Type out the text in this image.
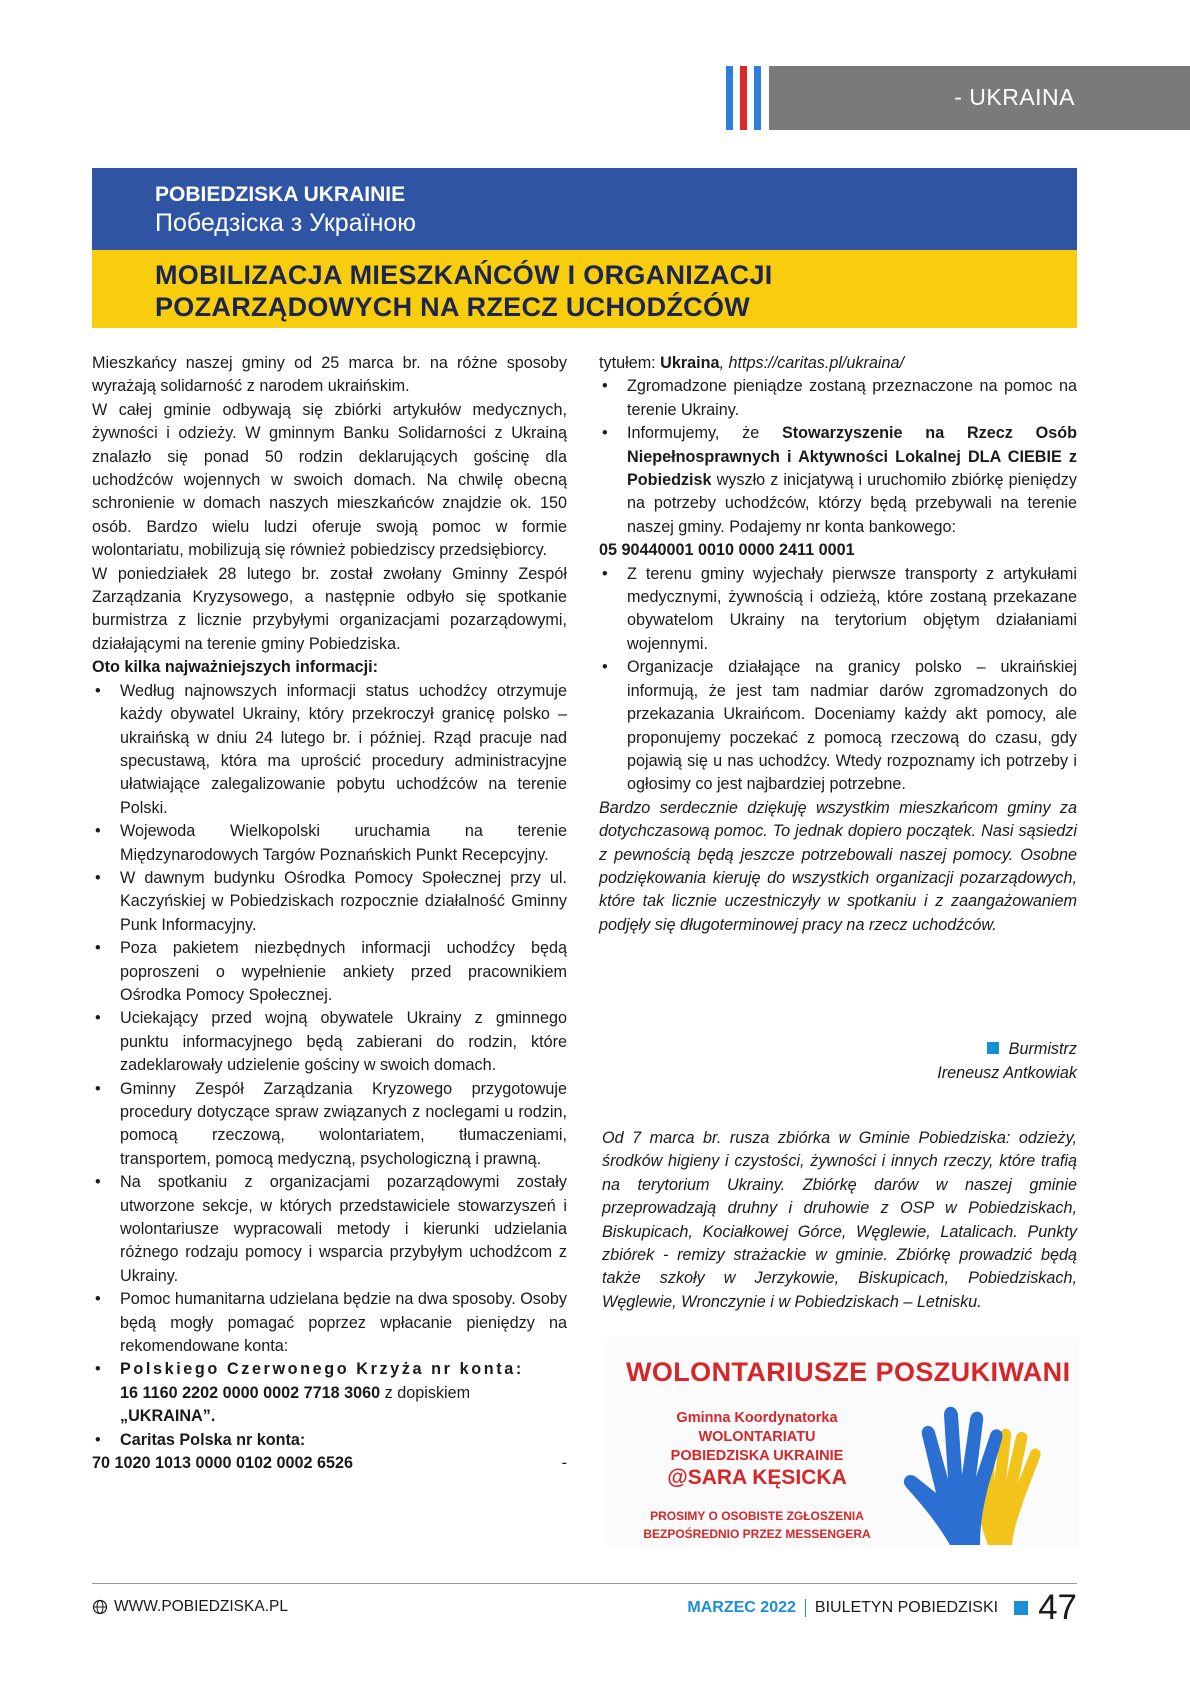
- UKRAINA
POBIEDZISKA UKRAINIE
Победзіска з Україною
MOBILIZACJA MIESZKAŃCÓW I ORGANIZACJI
POZARZĄDOWYCH NA RZECZ UCHODŹCÓW

Mieszkańcy naszej gminy od 25 marca br. na różne sposoby wyrażają solidarność z narodem ukraińskim.

W całej gminie odbywają się zbiórki artykułów medycznych, żywności i odzieży. W gminnym Banku Solidarności z Ukrainą znalazło się ponad 50 rodzin deklarujących gościnę dla uchodźców wojennych w swoich domach. Na chwilę obecną schronienie w domach naszych mieszkańców znajdzie ok. 150 osób. Bardzo wielu ludzi oferuje swoją pomoc w formie wolontariatu, mobilizują się również pobiedziscy przedsiębiorcy.

W poniedziałek 28 lutego br. został zwołany Gminny Zespół Zarządzania Kryzysowego, a następnie odbyło się spotkanie burmistrza z licznie przybyłymi organizacjami pozarządowymi, działającymi na terenie gminy Pobiedziska.

Oto kilka najważniejszych informacji:

• Według najnowszych informacji status uchodźcy otrzymuje każdy obywatel Ukrainy, który przekroczył granicę polsko – ukraińską w dniu 24 lutego br. i później. Rząd pracuje nad specustawą, która ma uprościć procedury administracyjne ułatwiające zalegalizowanie pobytu uchodźców na terenie Polski.
• Wojewoda Wielkopolski uruchamia na terenie Międzynarodowych Targów Poznańskich Punkt Recepcyjny.
• W dawnym budynku Ośrodka Pomocy Społecznej przy ul. Kaczyńskiej w Pobiedziskach rozpocznie działalność Gminny Punk Informacyjny.
• Poza pakietem niezbędnych informacji uchodźcy będą poproszeni o wypełnienie ankiety przed pracownikiem Ośrodka Pomocy Społecznej.
• Uciekający przed wojną obywatele Ukrainy z gminnego punktu informacyjnego będą zabierani do rodzin, które zadeklarowały udzielenie gościny w swoich domach.
• Gminny Zespół Zarządzania Kryzowego przygotowuje procedury dotyczące spraw związanych z noclegami u rodzin, pomocą rzeczową, wolontariatem, tłumaczeniami, transportem, pomocą medyczną, psychologiczną i prawną.
• Na spotkaniu z organizacjami pozarządowymi zostały utworzone sekcje, w których przedstawiciele stowarzyszeń i wolontariusze wypracowali metody i kierunki udzielania różnego rodzaju pomocy i wsparcia przybyłym uchodźcom z Ukrainy.
• Pomoc humanitarna udzielana będzie na dwa sposoby. Osoby będą mogły pomagać poprzez wpłacanie pieniędzy na rekomendowane konta:
• Polskiego Czerwonego Krzyża nr konta:
16 1160 2202 0000 0002 7718 3060 z dopiskiem
„UKRAINA”.
• Caritas Polska nr konta:

70 1020 1013 0000 0102 0002 6526	-

tytułem: Ukraina, https://caritas.pl/ukraina/

• Zgromadzone pieniądze zostaną przeznaczone na pomoc na terenie Ukrainy.
• Informujemy, że Stowarzyszenie na Rzecz Osób Niepełnosprawnych i Aktywności Lokalnej DLA CIEBIE z Pobiedzisk wyszło z inicjatywą i uruchomiło zbiórkę pieniędzy na potrzeby uchodźców, którzy będą przebywali na terenie naszej gminy. Podajemy nr konta bankowego:

05 90440001 0010 0000 2411 0001

• Z terenu gminy wyjechały pierwsze transporty z artykułami medycznymi, żywnością i odzieżą, które zostaną przekazane obywatelom Ukrainy na terytorium objętym działaniami wojennymi.
• Organizacje działające na granicy polsko – ukraińskiej informują, że jest tam nadmiar darów zgromadzonych do przekazania Ukraińcom. Doceniamy każdy akt pomocy, ale proponujemy poczekać z pomocą rzeczową do czasu, gdy pojawią się u nas uchodźcy. Wtedy rozpoznamy ich potrzeby i ogłosimy co jest najbardziej potrzebne.

Bardzo serdecznie dziękuję wszystkim mieszkańcom gminy za dotychczasową pomoc. To jednak dopiero początek. Nasi sąsiedzi z pewnością będą jeszcze potrzebowali naszej pomocy. Osobne podziękowania kieruję do wszystkich organizacji pozarządowych, które tak licznie uczestniczyły w spotkaniu i z zaangażowaniem podjęły się długoterminowej pracy na rzecz uchodźców.

Burmistrz
Ireneusz Antkowiak
Od 7 marca br. rusza zbiórka w Gminie Pobiedziska: odzieży, środków higieny i czystości, żywności i innych rzeczy, które trafią na terytorium Ukrainy. Zbiórkę darów w naszej gminie przeprowadzają druhny i druhowie z OSP w Pobiedziskach, Biskupicach, Kociałkowej Górce, Węglewie, Latalicach. Punkty zbiórek - remizy strażackie w gminie. Zbiórkę prowadzić będą także szkoły w Jerzykowie, Biskupicach, Pobiedziskach, Węglewie, Wronczynie i w Pobiedziskach – Letnisku.
WOLONTARIUSZE POSZUKIWANI
Gminna Koordynatorka
WOLONTARIATU
POBIEDZISKA UKRAINIE
@SARA KĘSICKA
PROSIMY O OSOBISTE ZGŁOSZENIA
BEZPOŚREDNIO PRZEZ MESSENGERA
WWW.POBIEDZISKA.PL	MARZEC 2022 BIULETYN POBIEDZISKI 47
